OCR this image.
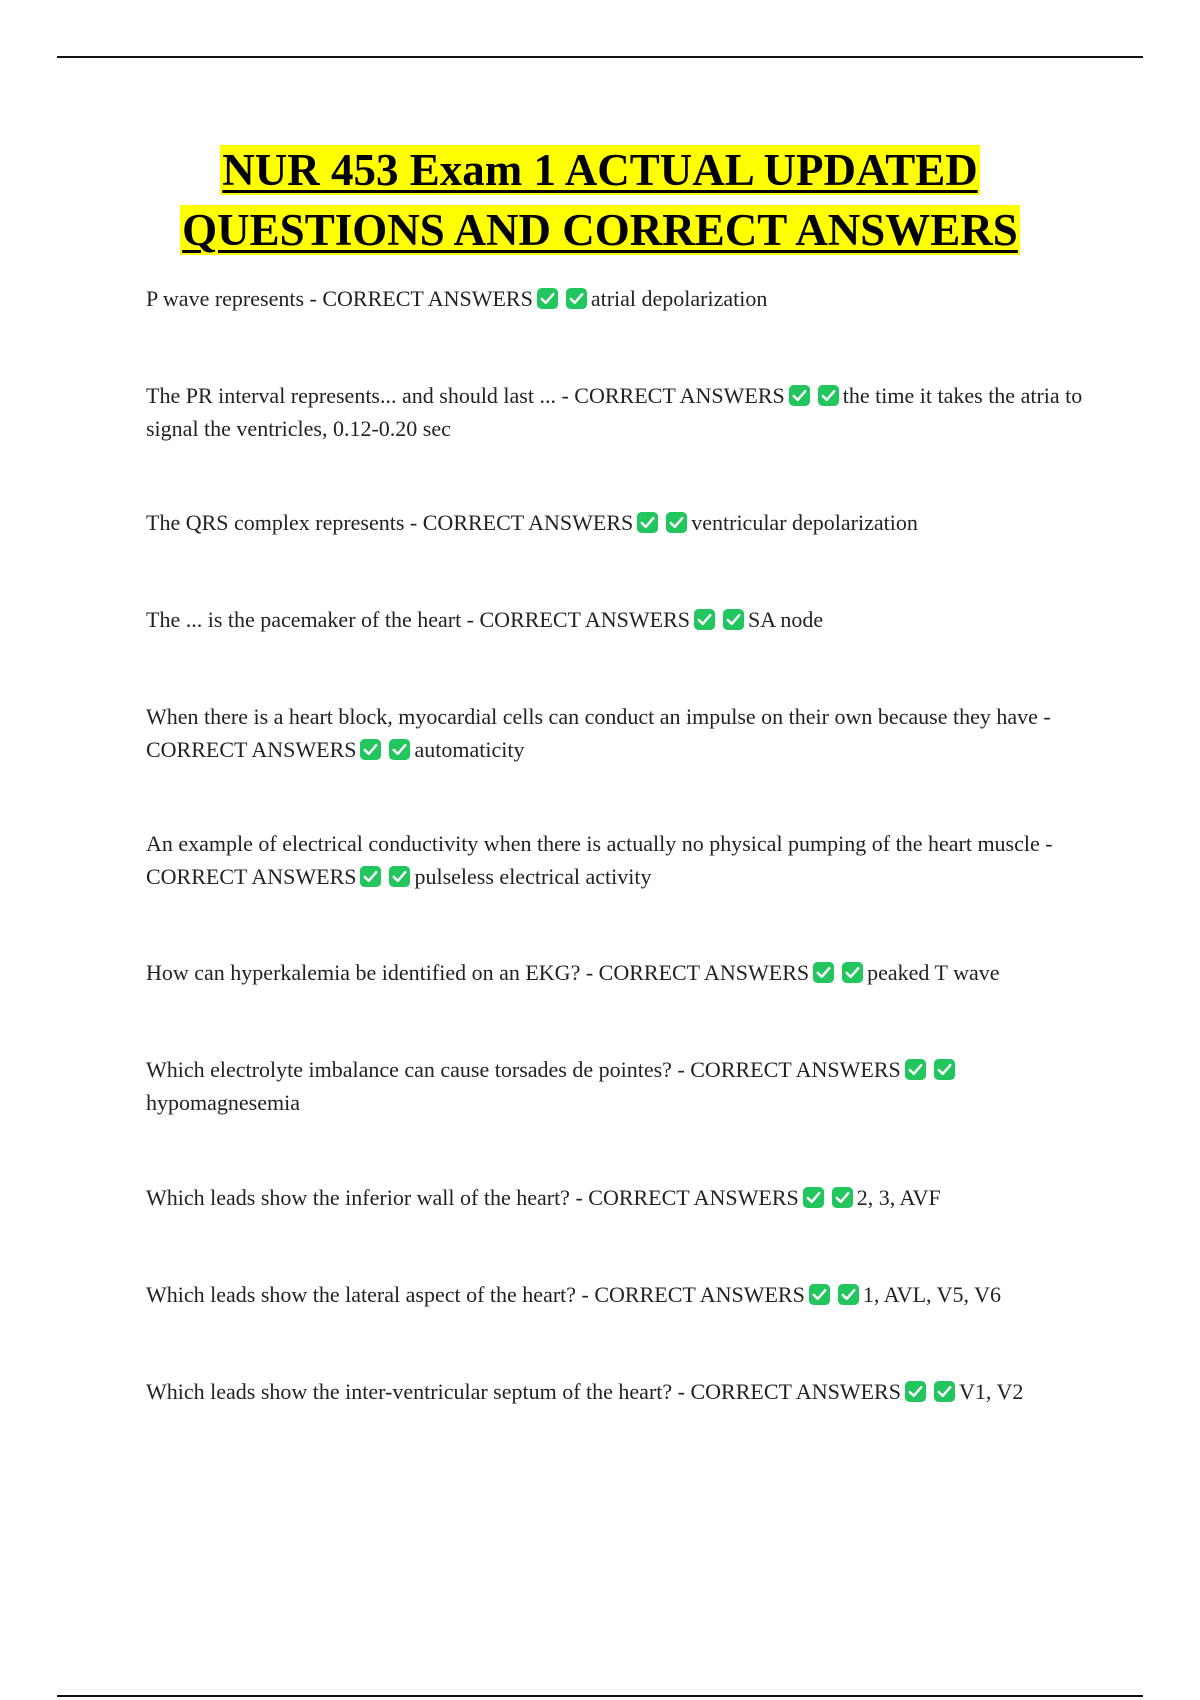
NUR 453 Exam 1 ACTUAL UPDATED
QUESTIONS AND CORRECT ANSWERS
P wave represents - CORRECT ANSWERS	atrial depolarization
The PR interval represents... and should last ... - CORRECT ANSWERS	the time it takes the atria to signal the ventricles, 0.12-0.20 sec
The QRS complex represents - CORRECT ANSWERS	ventricular depolarization
The ... is the pacemaker of the heart - CORRECT ANSWERS	SA node
When there is a heart block, myocardial cells can conduct an impulse on their own because they have - CORRECT ANSWERS	automaticity
An example of electrical conductivity when there is actually no physical pumping of the heart muscle - CORRECT ANSWERS	pulseless electrical activity
How can hyperkalemia be identified on an EKG? - CORRECT ANSWERS	peaked T wave
Which electrolyte imbalance can cause torsades de pointes? - CORRECT ANSWERS
hypomagnesemia
Which leads show the inferior wall of the heart? - CORRECT ANSWERS	2, 3, AVF
Which leads show the lateral aspect of the heart? - CORRECT ANSWERS	1, AVL, V5, V6
Which leads show the inter-ventricular septum of the heart? - CORRECT ANSWERS	V1, V2
